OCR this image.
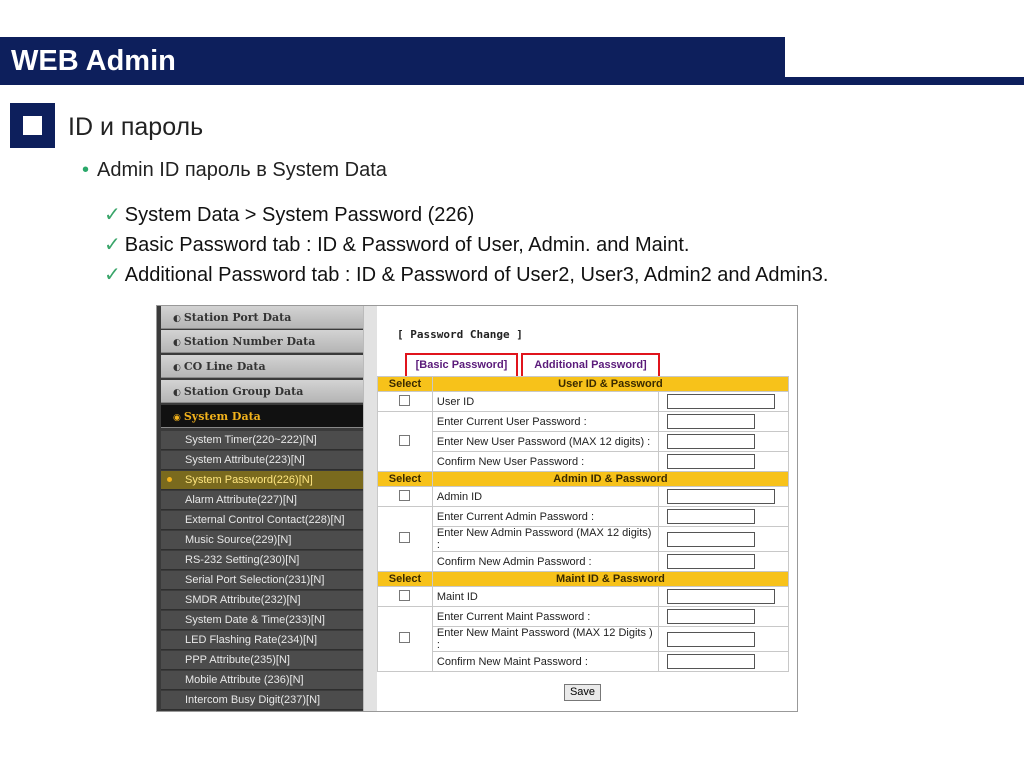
WEB Admin
ID и пароль
• Admin ID пароль в System Data
✓ System Data > System Password (226)
✓ Basic Password tab : ID & Password of User, Admin. and Maint.
✓ Additional Password tab : ID & Password of User2, User3, Admin2 and Admin3.
◐ Station Port Data
◐ Station Number Data
◐ CO Line Data
◐ Station Group Data
◉ System Data
System Timer(220~222)[N]
System Attribute(223)[N]
System Password(226)[N]
Alarm Attribute(227)[N]
External Control Contact(228)[N]
Music Source(229)[N]
RS-232 Setting(230)[N]
Serial Port Selection(231)[N]
SMDR Attribute(232)[N]
System Date & Time(233)[N]
LED Flashing Rate(234)[N]
PPP Attribute(235)[N]
Mobile Attribute (236)[N]
Intercom Busy Digit(237)[N]
[ Password Change ]
[Basic Password]	Additional Password]
Select	User ID & Password	
	User ID	

	Enter Current User Password :	

	Enter New User Password (MAX 12 digits) :	

	Confirm New User Password :	

Select	Admin ID & Password	
	Admin ID	

	Enter Current Admin Password :	

	Enter New Admin Password (MAX 12 digits) :	

	Confirm New Admin Password :	

Select	Maint ID & Password	
	Maint ID	

	Enter Current Maint Password :	

	Enter New Maint Password (MAX 12 Digits ) :	

	Confirm New Maint Password :	
Save
